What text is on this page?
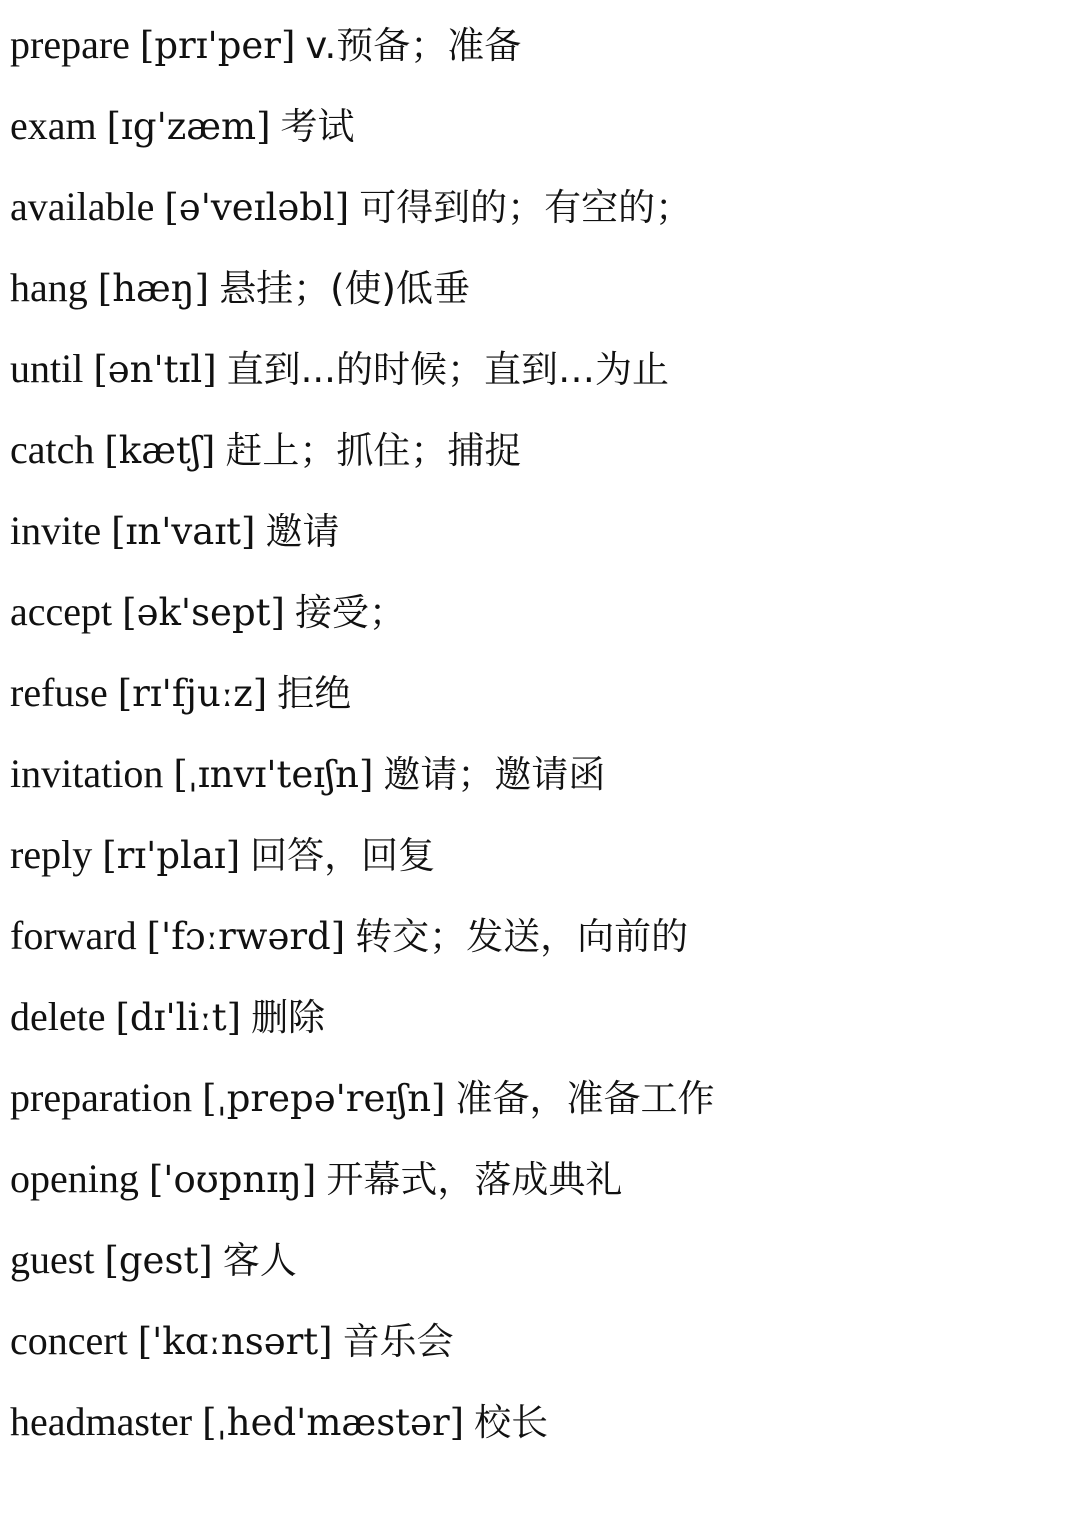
prepare [prɪ'per] v.预备；准备
exam [ɪg'zæm] 考试
available [ə'veɪləbl] 可得到的；有空的；
hang [hæŋ] 悬挂；(使)低垂
until [ən'tɪl] 直到...的时候；直到…为止
catch [kætʃ] 赶上；抓住；捕捉
invite [ɪn'vaɪt] 邀请
accept [ək'sept] 接受；
refuse [rɪ'fjuːz] 拒绝
invitation [ˌɪnvɪ'teɪʃn] 邀请；邀请函
reply [rɪ'plaɪ] 回答，回复
forward ['fɔːrwərd] 转交；发送，向前的
delete [dɪ'liːt] 删除
preparation [ˌprepə'reɪʃn] 准备，准备工作
opening ['oʊpnɪŋ] 开幕式，落成典礼
guest [gest] 客人
concert ['kɑːnsərt] 音乐会
headmaster [ˌhed'mæstər] 校长
